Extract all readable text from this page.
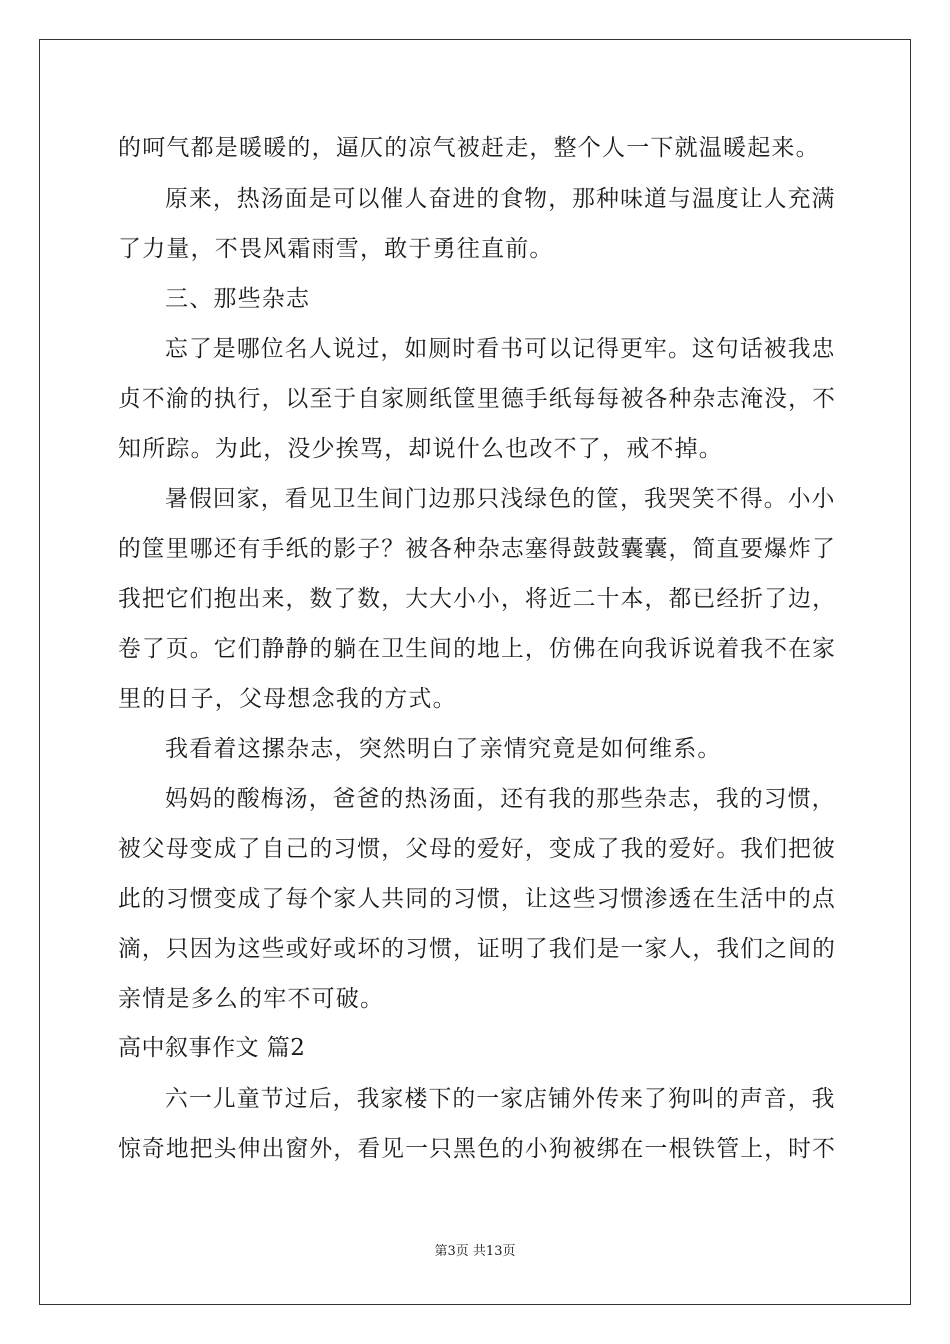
的呵气都是暖暖的，逼仄的凉气被赶走，整个人一下就温暖起来。
原来，热汤面是可以催人奋进的食物，那种味道与温度让人充满
了力量，不畏风霜雨雪，敢于勇往直前。
三、那些杂志
忘了是哪位名人说过，如厕时看书可以记得更牢。这句话被我忠
贞不渝的执行，以至于自家厕纸筐里德手纸每每被各种杂志淹没，不
知所踪。为此，没少挨骂，却说什么也改不了，戒不掉。
暑假回家，看见卫生间门边那只浅绿色的筐，我哭笑不得。小小
的筐里哪还有手纸的影子？被各种杂志塞得鼓鼓囊囊，简直要爆炸了
我把它们抱出来，数了数，大大小小，将近二十本，都已经折了边，
卷了页。它们静静的躺在卫生间的地上，仿佛在向我诉说着我不在家
里的日子，父母想念我的方式。
我看着这摞杂志，突然明白了亲情究竟是如何维系。
妈妈的酸梅汤，爸爸的热汤面，还有我的那些杂志，我的习惯，
被父母变成了自己的习惯，父母的爱好，变成了我的爱好。我们把彼
此的习惯变成了每个家人共同的习惯，让这些习惯渗透在生活中的点
滴，只因为这些或好或坏的习惯，证明了我们是一家人，我们之间的
亲情是多么的牢不可破。
高中叙事作文 篇2
六一儿童节过后，我家楼下的一家店铺外传来了狗叫的声音，我
惊奇地把头伸出窗外，看见一只黑色的小狗被绑在一根铁管上，时不
第3页 共13页
